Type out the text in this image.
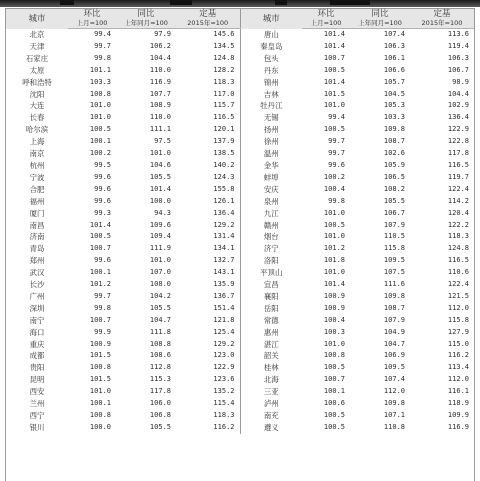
城市	环比	同比	定基	城市	环比	同比	定基
	上月=100	上年同月=100	2015年=100		上月=100	上年同月=100	2015年=100
北京	99.4	97.9	145.6	唐山	101.4	107.4	113.6
天津	99.7	106.2	134.5	秦皇岛	101.4	106.3	119.4
石家庄	99.8	104.4	124.8	包头	100.7	106.1	106.3
太原	101.1	110.0	128.2	丹东	100.5	106.6	106.7
呼和浩特	103.3	116.9	118.3	锦州	101.4	105.7	98.9
沈阳	100.8	107.7	117.0	吉林	101.5	104.5	104.4
大连	101.0	108.9	115.7	牡丹江	101.0	105.3	102.9
长春	101.0	110.0	116.5	无锡	99.4	103.3	136.4
哈尔滨	100.5	111.1	120.1	扬州	100.5	109.8	122.9
上海	100.1	97.5	137.9	徐州	99.7	108.7	122.8
南京	100.2	101.0	138.5	温州	99.7	102.6	117.8
杭州	99.5	104.6	140.2	金华	99.6	105.9	116.5
宁波	99.6	105.5	124.3	蚌埠	100.2	106.5	119.7
合肥	99.6	101.4	155.8	安庆	100.4	108.2	122.4
福州	99.6	100.0	126.1	泉州	99.8	105.5	114.2
厦门	99.3	94.3	136.4	九江	101.0	106.7	120.4
南昌	101.4	109.6	129.2	赣州	100.5	107.9	122.2
济南	100.5	109.4	131.4	烟台	101.0	110.5	118.3
青岛	100.7	111.9	134.1	济宁	101.2	115.8	124.8
郑州	99.6	101.0	132.7	洛阳	101.8	109.5	116.5
武汉	100.1	107.0	143.1	平顶山	101.0	107.5	110.6
长沙	101.2	108.0	135.9	宜昌	101.4	111.6	122.4
广州	99.7	104.2	136.7	襄阳	100.9	109.8	121.5
深圳	99.8	105.5	151.4	岳阳	100.9	108.7	112.0
南宁	100.7	104.7	121.8	常德	100.4	107.9	115.8
海口	99.9	111.8	125.4	惠州	100.3	104.9	127.9
重庆	100.9	108.8	129.2	湛江	101.0	104.7	115.0
成都	101.5	108.6	123.0	韶关	100.8	106.9	116.2
贵阳	100.8	112.8	122.9	桂林	100.5	109.5	113.4
昆明	101.5	115.3	123.6	北海	100.7	107.4	112.0
西安	101.0	117.8	135.2	三亚	100.1	112.0	116.1
兰州	100.1	106.0	115.4	泸州	100.6	109.8	118.9
西宁	100.8	106.8	118.3	南充	100.5	107.1	109.9
银川	100.0	105.5	116.2	遵义	100.5	110.8	116.9
